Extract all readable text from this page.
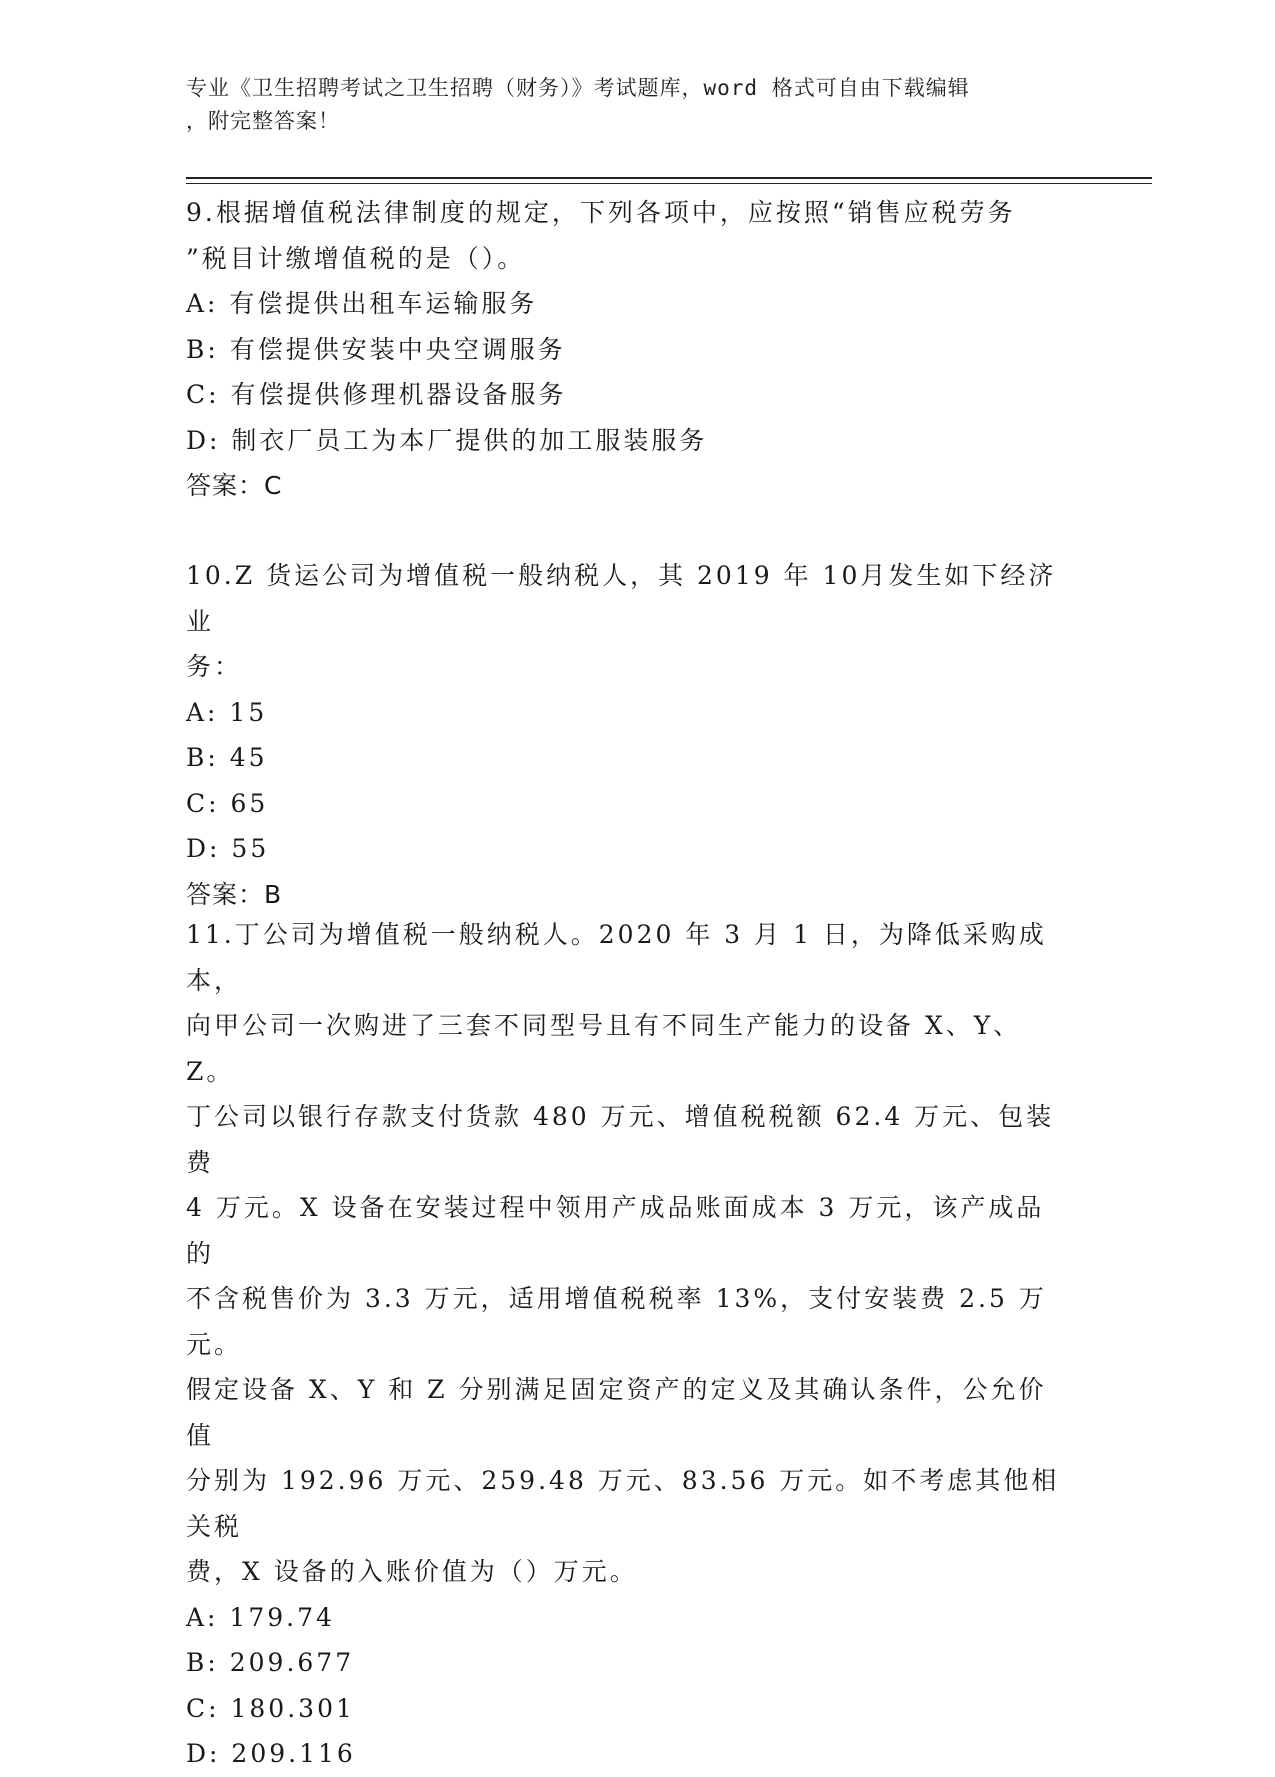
专业《卫生招聘考试之卫生招聘（财务）》考试题库，word 格式可自由下载编辑
，附完整答案！

9.根据增值税法律制度的规定，下列各项中，应按照“销售应税劳务

”税目计缴增值税的是（）。

A: 有偿提供出租车运输服务

B: 有偿提供安装中央空调服务

C: 有偿提供修理机器设备服务

D: 制衣厂员工为本厂提供的加工服装服务

答案：C

10.Z 货运公司为增值税一般纳税人，其 2019 年 10月发生如下经济业

务：

A: 15

B: 45

C: 65

D: 55

答案：B

11.丁公司为增值税一般纳税人。2020 年 3 月 1 日，为降低采购成本，

向甲公司一次购进了三套不同型号且有不同生产能力的设备 X、Y、Z。

丁公司以银行存款支付货款 480 万元、增值税税额 62.4 万元、包装费

4 万元。X 设备在安装过程中领用产成品账面成本 3 万元，该产成品的

不含税售价为 3.3 万元，适用增值税税率 13%，支付安装费 2.5 万元。

假定设备 X、Y 和 Z 分别满足固定资产的定义及其确认条件，公允价值

分别为 192.96 万元、259.48 万元、83.56 万元。如不考虑其他相关税

费，X 设备的入账价值为（）万元。

A: 179.74

B: 209.677

C: 180.301

D: 209.116
